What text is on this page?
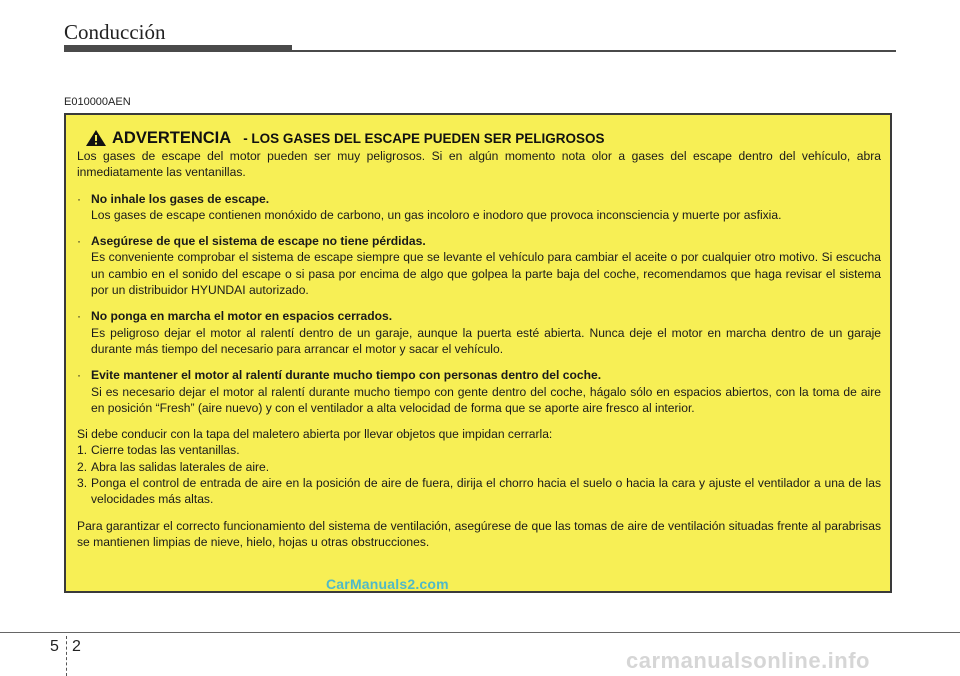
Conducción
E010000AEN
ADVERTENCIA - LOS GASES DEL ESCAPE PUEDEN SER PELIGROSOS

Los gases de escape del motor pueden ser muy peligrosos. Si en algún momento nota olor a gases del escape dentro del vehículo, abra inmediatamente las ventanillas.

· No inhale los gases de escape.

Los gases de escape contienen monóxido de carbono, un gas incoloro e inodoro que provoca inconsciencia y muerte por asfixia.

· Asegúrese de que el sistema de escape no tiene pérdidas.

Es conveniente comprobar el sistema de escape siempre que se levante el vehículo para cambiar el aceite o por cualquier otro motivo. Si escucha un cambio en el sonido del escape o si pasa por encima de algo que golpea la parte baja del coche, recomendamos que haga revisar el sistema por un distribuidor HYUNDAI autorizado.

· No ponga en marcha el motor en espacios cerrados.

Es peligroso dejar el motor al ralentí dentro de un garaje, aunque la puerta esté abierta. Nunca deje el motor en marcha dentro de un garaje durante más tiempo del necesario para arrancar el motor y sacar el vehículo.

· Evite mantener el motor al ralentí durante mucho tiempo con personas dentro del coche.

Si es necesario dejar el motor al ralentí durante mucho tiempo con gente dentro del coche, hágalo sólo en espacios abiertos, con la toma de aire en posición “Fresh” (aire nuevo) y con el ventilador a alta velocidad de forma que se aporte aire fresco al interior.

Si debe conducir con la tapa del maletero abierta por llevar objetos que impidan cerrarla:

1. Cierre todas las ventanillas.
2. Abra las salidas laterales de aire.
3. Ponga el control de entrada de aire en la posición de aire de fuera, dirija el chorro hacia el suelo o hacia la cara y ajuste el ventilador a una de las velocidades más altas.

Para garantizar el correcto funcionamiento del sistema de ventilación, asegúrese de que las tomas de aire de ventilación situadas frente al parabrisas se mantienen limpias de nieve, hielo, hojas u otras obstrucciones.

CarManuals2.com
5 2
carmanualsonline.info
